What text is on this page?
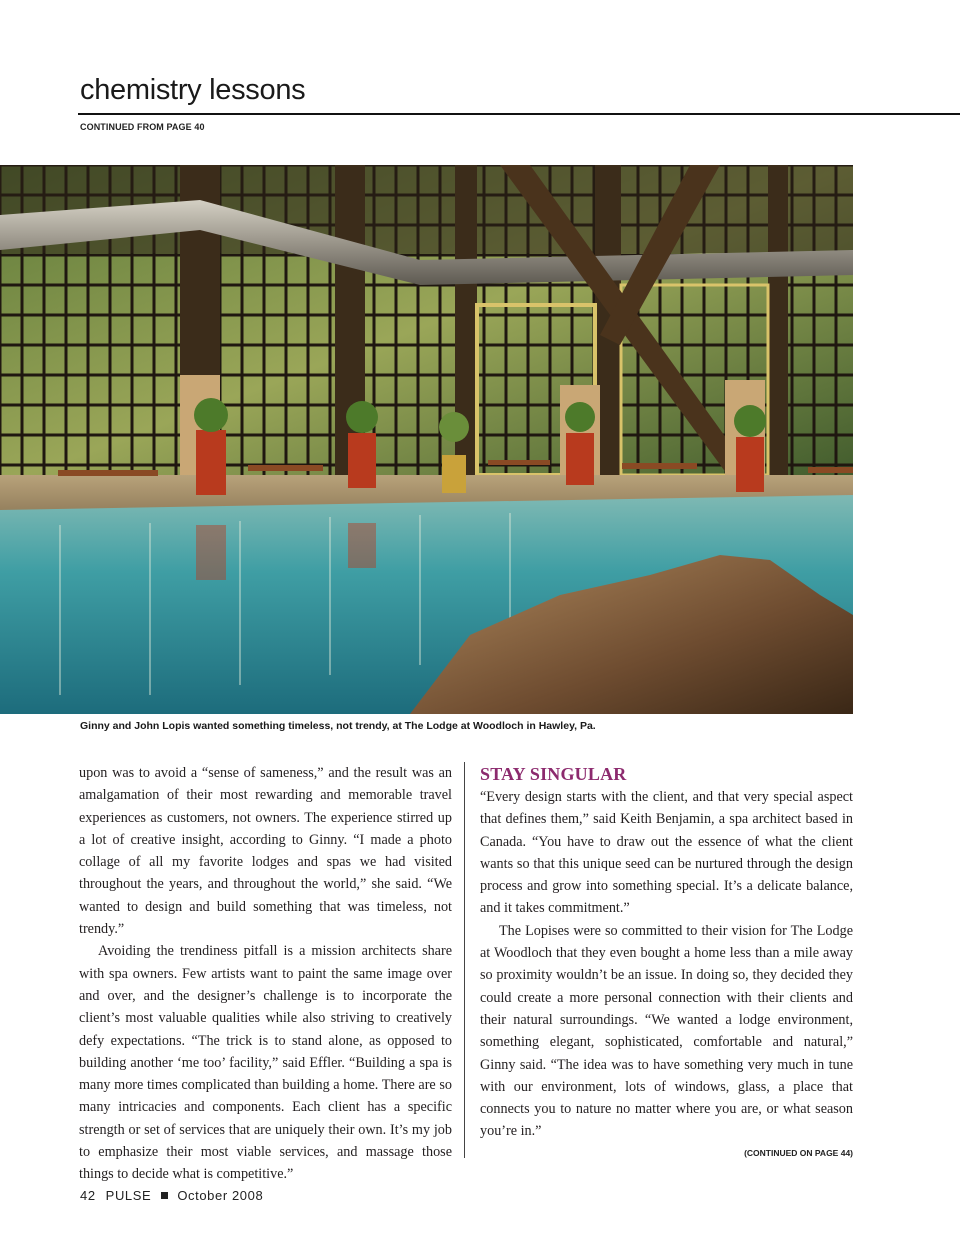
chemistry lessons
CONTINUED FROM PAGE 40
Ginny and John Lopis wanted something timeless, not trendy, at The Lodge at Woodloch in Hawley, Pa.

upon was to avoid a “sense of sameness,” and the result was an amalgamation of their most rewarding and memorable travel experiences as customers, not owners. The experience stirred up a lot of creative insight, according to Ginny. “I made a photo collage of all my favorite lodges and spas we had visited throughout the years, and throughout the world,” she said. “We wanted to design and build something that was timeless, not trendy.”

Avoiding the trendiness pitfall is a mission architects share with spa owners. Few artists want to paint the same image over and over, and the designer’s challenge is to incorporate the client’s most valuable qualities while also striving to creatively defy expectations. “The trick is to stand alone, as opposed to building another ‘me too’ facility,” said Effler. “Building a spa is many more times complicated than building a home. There are so many intricacies and components. Each client has a specific strength or set of services that are uniquely their own. It’s my job to emphasize their most viable services, and massage those things to decide what is competitive.”

STAY SINGULAR

“Every design starts with the client, and that very special aspect that defines them,” said Keith Benjamin, a spa architect based in Canada. “You have to draw out the essence of what the client wants so that this unique seed can be nurtured through the design process and grow into something special. It’s a delicate balance, and it takes commitment.”

The Lopises were so committed to their vision for The Lodge at Woodloch that they even bought a home less than a mile away so proximity wouldn’t be an issue. In doing so, they decided they could create a more personal connection with their clients and their natural surroundings. “We wanted a lodge environment, something elegant, sophisticated, comfortable and natural,” Ginny said. “The idea was to have something very much in tune with our environment, lots of windows, glass, a place that connects you to nature no matter where you are, or what season you’re in.”

(CONTINUED ON PAGE 44)
42 PULSE October 2008
